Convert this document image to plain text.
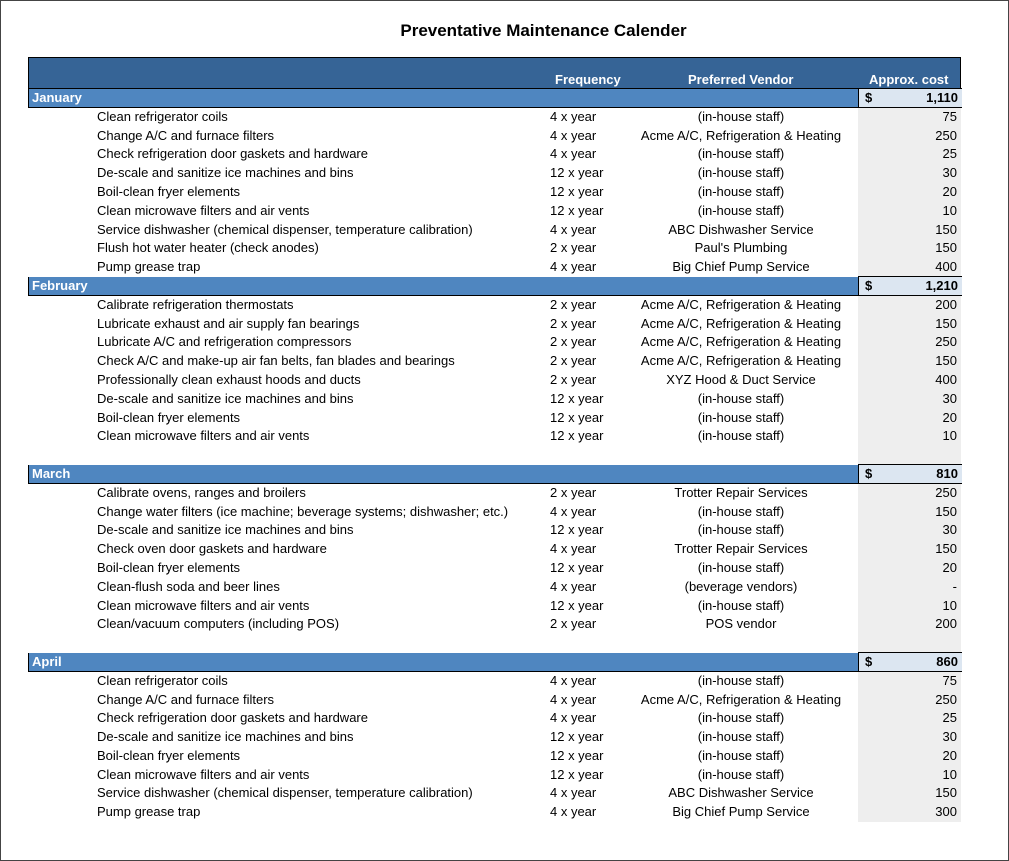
Preventative Maintenance Calender
Frequency	Preferred Vendor	Approx. cost
January	$	1,110
Clean refrigerator coils	4 x year	(in-house staff)	75
Change A/C and furnace filters	4 x year	Acme A/C, Refrigeration & Heating	250
Check refrigeration door gaskets and hardware	4 x year	(in-house staff)	25
De-scale and sanitize ice machines and bins	12 x year	(in-house staff)	30
Boil-clean fryer elements	12 x year	(in-house staff)	20
Clean microwave filters and air vents	12 x year	(in-house staff)	10
Service dishwasher (chemical dispenser, temperature calibration)	4 x year	ABC Dishwasher Service	150
Flush hot water heater (check anodes)	2 x year	Paul's Plumbing	150
Pump grease trap	4 x year	Big Chief Pump Service	400
February	$	1,210
Calibrate refrigeration thermostats	2 x year	Acme A/C, Refrigeration & Heating	200
Lubricate exhaust and air supply fan bearings	2 x year	Acme A/C, Refrigeration & Heating	150
Lubricate A/C and refrigeration compressors	2 x year	Acme A/C, Refrigeration & Heating	250
Check A/C and make-up air fan belts, fan blades and bearings	2 x year	Acme A/C, Refrigeration & Heating	150
Professionally clean exhaust hoods and ducts	2 x year	XYZ Hood & Duct Service	400
De-scale and sanitize ice machines and bins	12 x year	(in-house staff)	30
Boil-clean fryer elements	12 x year	(in-house staff)	20
Clean microwave filters and air vents	12 x year	(in-house staff)	10
March	$	810
Calibrate ovens, ranges and broilers	2 x year	Trotter Repair Services	250
Change water filters (ice machine; beverage systems; dishwasher; etc.)	4 x year	(in-house staff)	150
De-scale and sanitize ice machines and bins	12 x year	(in-house staff)	30
Check oven door gaskets and hardware	4 x year	Trotter Repair Services	150
Boil-clean fryer elements	12 x year	(in-house staff)	20
Clean-flush soda and beer lines	4 x year	(beverage vendors)	-
Clean microwave filters and air vents	12 x year	(in-house staff)	10
Clean/vacuum computers (including POS)	2 x year	POS vendor	200
April	$	860
Clean refrigerator coils	4 x year	(in-house staff)	75
Change A/C and furnace filters	4 x year	Acme A/C, Refrigeration & Heating	250
Check refrigeration door gaskets and hardware	4 x year	(in-house staff)	25
De-scale and sanitize ice machines and bins	12 x year	(in-house staff)	30
Boil-clean fryer elements	12 x year	(in-house staff)	20
Clean microwave filters and air vents	12 x year	(in-house staff)	10
Service dishwasher (chemical dispenser, temperature calibration)	4 x year	ABC Dishwasher Service	150
Pump grease trap	4 x year	Big Chief Pump Service	300
